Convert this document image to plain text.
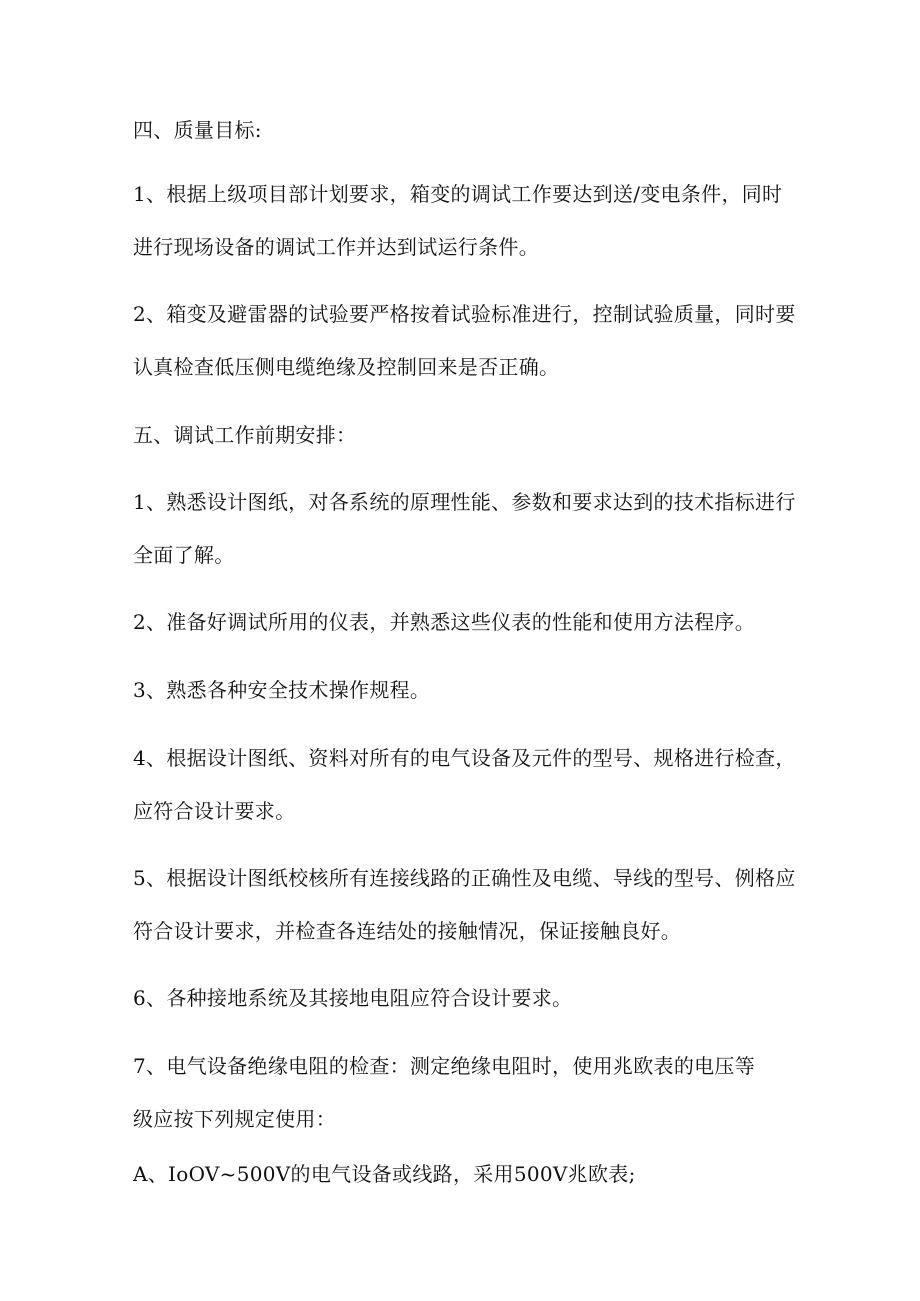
四、质量目标:
1、根据上级项目部计划要求，箱变的调试工作要达到送/变电条件，同时
进行现场设备的调试工作并达到试运行条件。
2、箱变及避雷器的试验要严格按着试验标准进行，控制试验质量，同时要
认真检查低压侧电缆绝缘及控制回来是否正确。
五、调试工作前期安排：
1、熟悉设计图纸，对各系统的原理性能、参数和要求达到的技术指标进行
全面了解。
2、准备好调试所用的仪表，并熟悉这些仪表的性能和使用方法程序。
3、熟悉各种安全技术操作规程。
4、根据设计图纸、资料对所有的电气设备及元件的型号、规格进行检查，
应符合设计要求。
5、根据设计图纸校核所有连接线路的正确性及电缆、导线的型号、例格应
符合设计要求，并检查各连结处的接触情况，保证接触良好。
6、各种接地系统及其接地电阻应符合设计要求。
7、电气设备绝缘电阻的检查：测定绝缘电阻时，使用兆欧表的电压等
级应按下列规定使用：
A、IoOV~500V的电气设备或线路，采用500V兆欧表;
